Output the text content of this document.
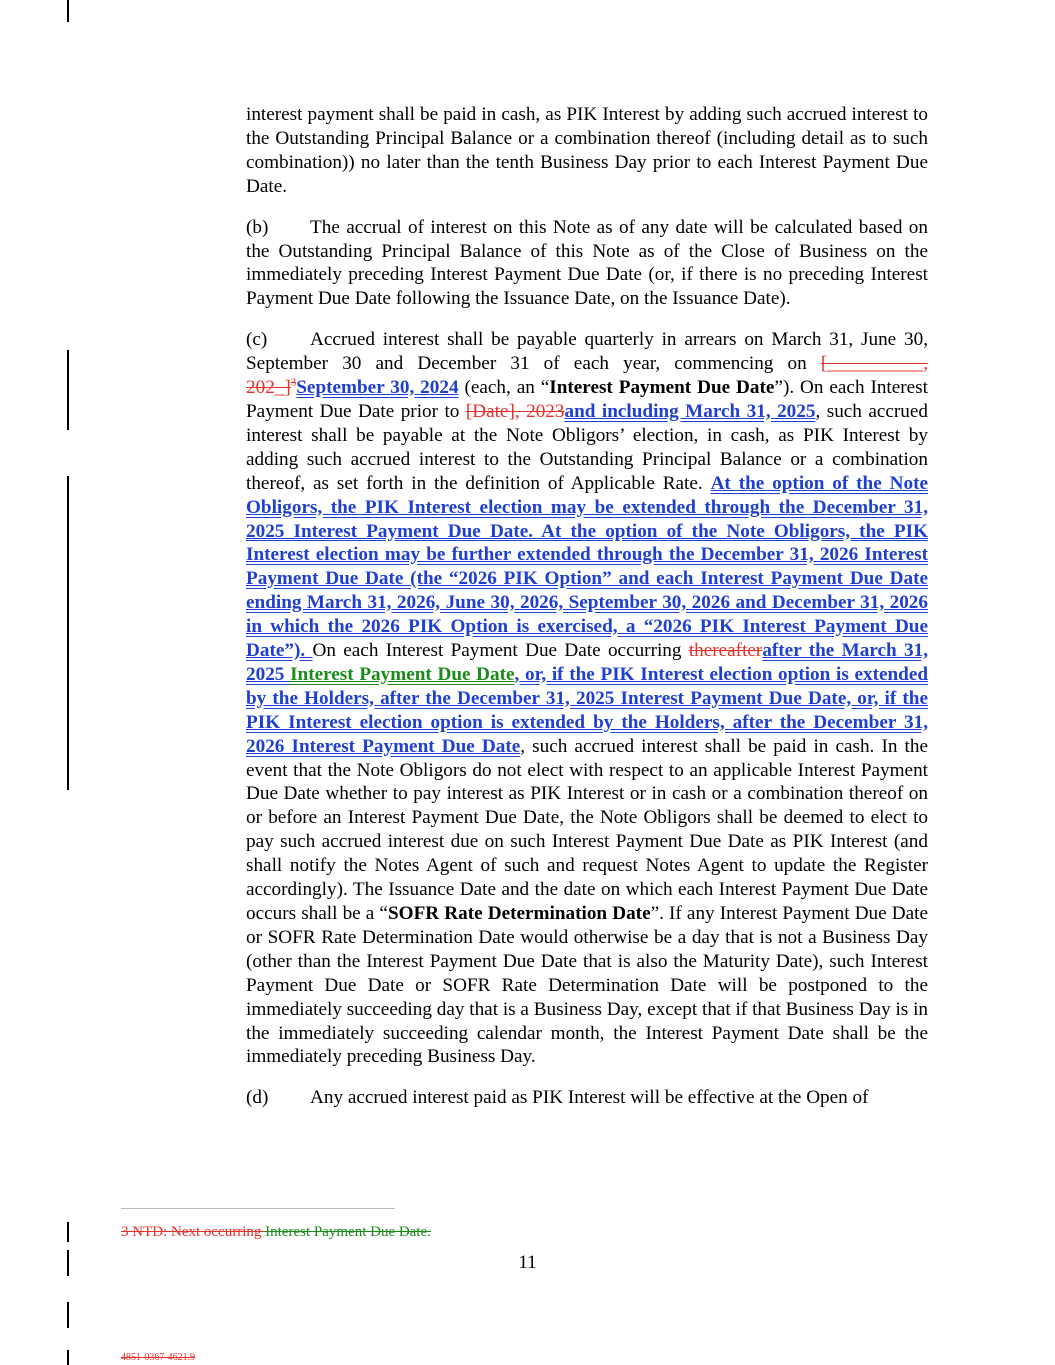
interest payment shall be paid in cash, as PIK Interest by adding such accrued interest to the Outstanding Principal Balance or a combination thereof (including detail as to such combination)) no later than the tenth Business Day prior to each Interest Payment Due Date.

(b) The accrual of interest on this Note as of any date will be calculated based on the Outstanding Principal Balance of this Note as of the Close of Business on the immediately preceding Interest Payment Due Date (or, if there is no preceding Interest Payment Due Date following the Issuance Date, on the Issuance Date).

(c) Accrued interest shall be payable quarterly in arrears on March 31, June 30, September 30 and December 31 of each year, commencing on [__________, 202_]$^3$September 30, 2024 (each, an “Interest Payment Due Date”). On each Interest Payment Due Date prior to [Date], 2023and including March 31, 2025, such accrued interest shall be payable at the Note Obligors’ election, in cash, as PIK Interest by adding such accrued interest to the Outstanding Principal Balance or a combination thereof, as set forth in the definition of Applicable Rate. At the option of the Note Obligors, the PIK Interest election may be extended through the December 31, 2025 Interest Payment Due Date. At the option of the Note Obligors, the PIK Interest election may be further extended through the December 31, 2026 Interest Payment Due Date (the “2026 PIK Option” and each Interest Payment Due Date ending March 31, 2026, June 30, 2026, September 30, 2026 and December 31, 2026 in which the 2026 PIK Option is exercised, a “2026 PIK Interest Payment Due Date”). On each Interest Payment Due Date occurring thereafterafter the March 31, 2025 Interest Payment Due Date, or, if the PIK Interest election option is extended by the Holders, after the December 31, 2025 Interest Payment Due Date, or, if the PIK Interest election option is extended by the Holders, after the December 31, 2026 Interest Payment Due Date, such accrued interest shall be paid in cash. In the event that the Note Obligors do not elect with respect to an applicable Interest Payment Due Date whether to pay interest as PIK Interest or in cash or a combination thereof on or before an Interest Payment Due Date, the Note Obligors shall be deemed to elect to pay such accrued interest due on such Interest Payment Due Date as PIK Interest (and shall notify the Notes Agent of such and request Notes Agent to update the Register accordingly). The Issuance Date and the date on which each Interest Payment Due Date occurs shall be a “SOFR Rate Determination Date”. If any Interest Payment Due Date or SOFR Rate Determination Date would otherwise be a day that is not a Business Day (other than the Interest Payment Due Date that is also the Maturity Date), such Interest Payment Due Date or SOFR Rate Determination Date will be postponed to the immediately succeeding day that is a Business Day, except that if that Business Day is in the immediately succeeding calendar month, the Interest Payment Date shall be the immediately preceding Business Day.

(d) Any accrued interest paid as PIK Interest will be effective at the Open of

3 NTD: Next occurring Interest Payment Due Date.
11
4851-0367-4621.9
